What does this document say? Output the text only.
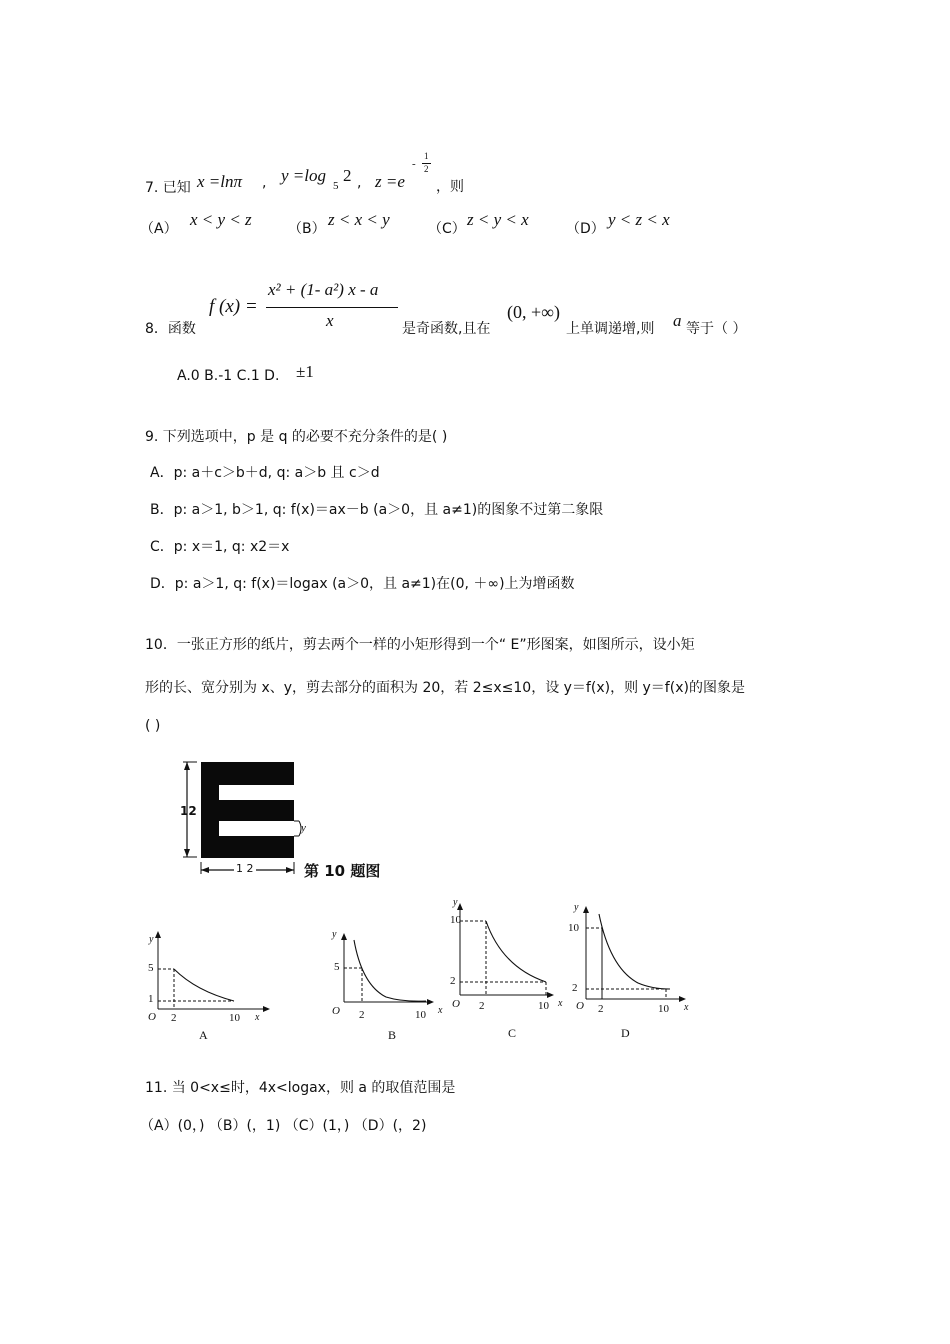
7. 已知 x =lnπ , y =log
5
2 , z =e
-
1
2
，则
（A） x < y < z	（B） z < x < y	（C） z < y < x	（D） y < z < x
8．函数
f (x) =
x² + (1- a²) x - a
x	是奇函数,且在
(0, +∞)
上单调递增,则 a 等于（ ）
A.0 B.-1 C.1 D. ±1
9. 下列选项中，p 是 q 的必要不充分条件的是( )
A．p: a＋c＞b＋d, q: a＞b 且 c＞d
B．p: a＞1, b＞1, q: f(x)＝ax－b (a＞0，且 a≠1)的图象不过第二象限
C．p: x＝1, q: x2＝x
D．p: a＞1, q: f(x)＝logax (a＞0，且 a≠1)在(0, ＋∞)上为增函数
10．一张正方形的纸片，剪去两个一样的小矩形得到一个“ E”形图案，如图所示，设小矩
形的长、宽分别为 x、y，剪去部分的面积为 20，若 2≤x≤10，设 y＝f(x)，则 y＝f(x)的图象是
( )
12
1 2
y
第 10 题图
y
5
1
O 2	10 x
A
y
5
O 2	10 x
B
y
10
2
O 2	10 x
C
y
10
2
O 2	10 x
D
11. 当 0<x≤时，4x<logax，则 a 的取值范围是
（A）(0，) （B）(，1) （C）(1，) （D）(，2)
